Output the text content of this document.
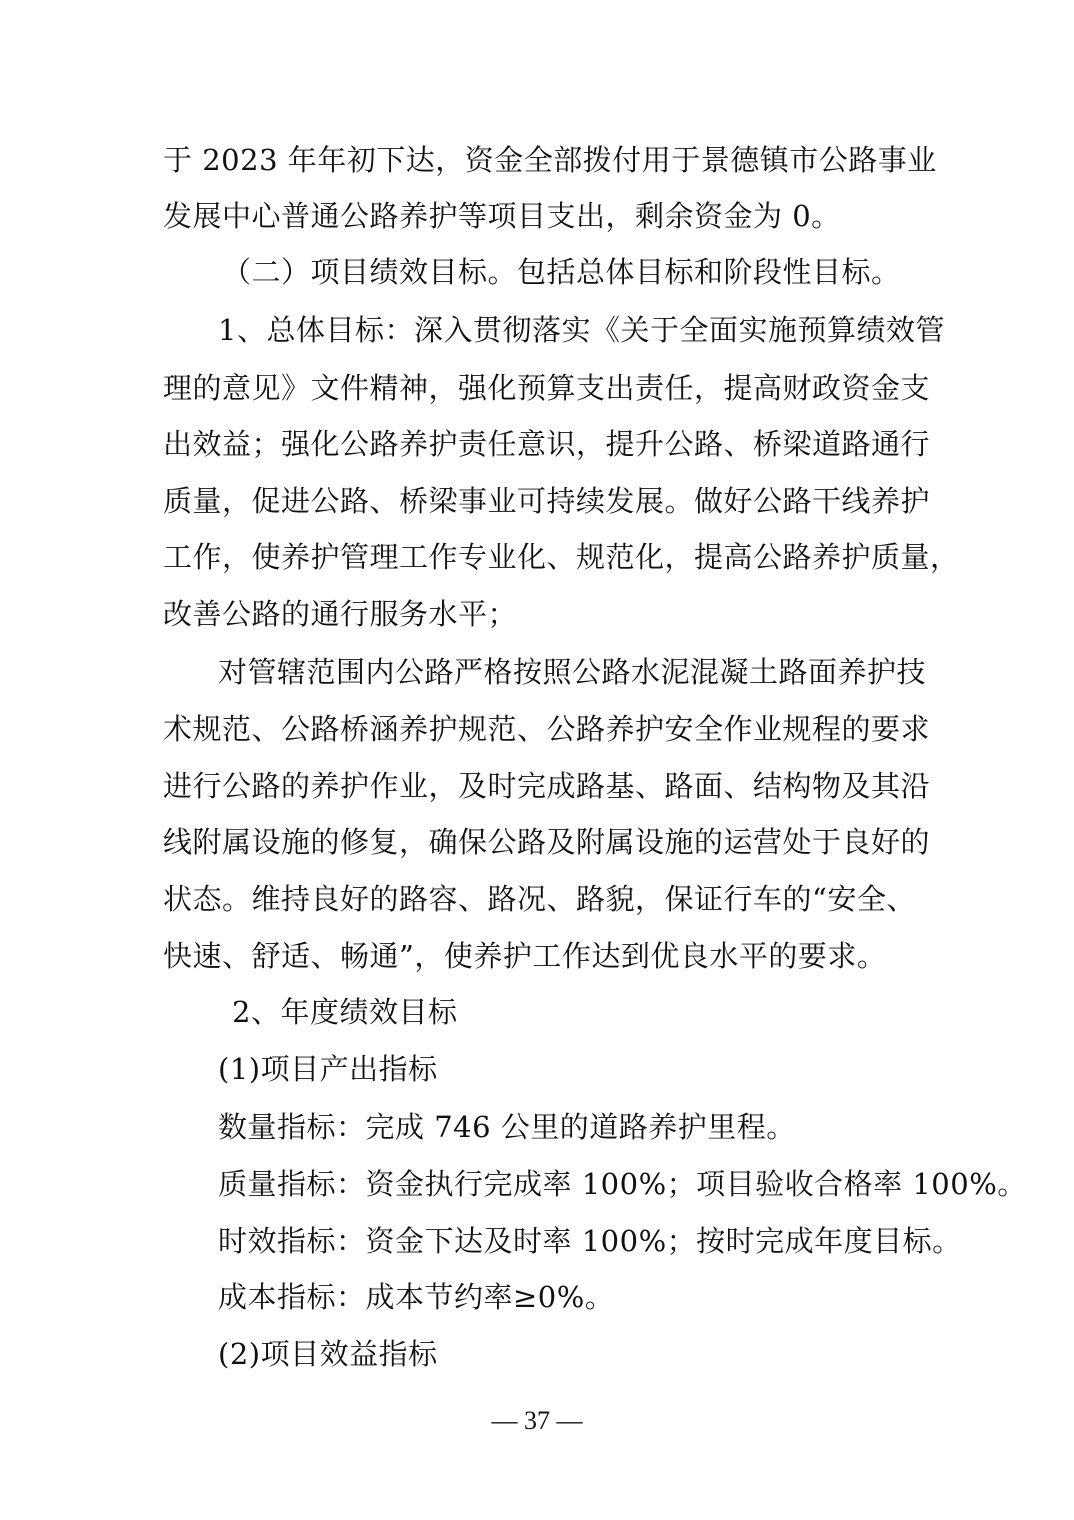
于 2023 年年初下达，资金全部拨付用于景德镇市公路事业
发展中心普通公路养护等项目支出，剩余资金为 0。
（二）项目绩效目标。包括总体目标和阶段性目标。
1、总体目标：深入贯彻落实《关于全面实施预算绩效管
理的意见》文件精神，强化预算支出责任，提高财政资金支
出效益；强化公路养护责任意识，提升公路、桥梁道路通行
质量，促进公路、桥梁事业可持续发展。做好公路干线养护
工作，使养护管理工作专业化、规范化，提高公路养护质量，
改善公路的通行服务水平；
对管辖范围内公路严格按照公路水泥混凝土路面养护技
术规范、公路桥涵养护规范、公路养护安全作业规程的要求
进行公路的养护作业，及时完成路基、路面、结构物及其沿
线附属设施的修复，确保公路及附属设施的运营处于良好的
状态。维持良好的路容、路况、路貌，保证行车的“安全、
快速、舒适、畅通”，使养护工作达到优良水平的要求。
2、年度绩效目标
(1)项目产出指标
数量指标：完成 746 公里的道路养护里程。
质量指标：资金执行完成率 100%；项目验收合格率 100%。
时效指标：资金下达及时率 100%；按时完成年度目标。
成本指标：成本节约率≥0%。
(2)项目效益指标
— 37 —
